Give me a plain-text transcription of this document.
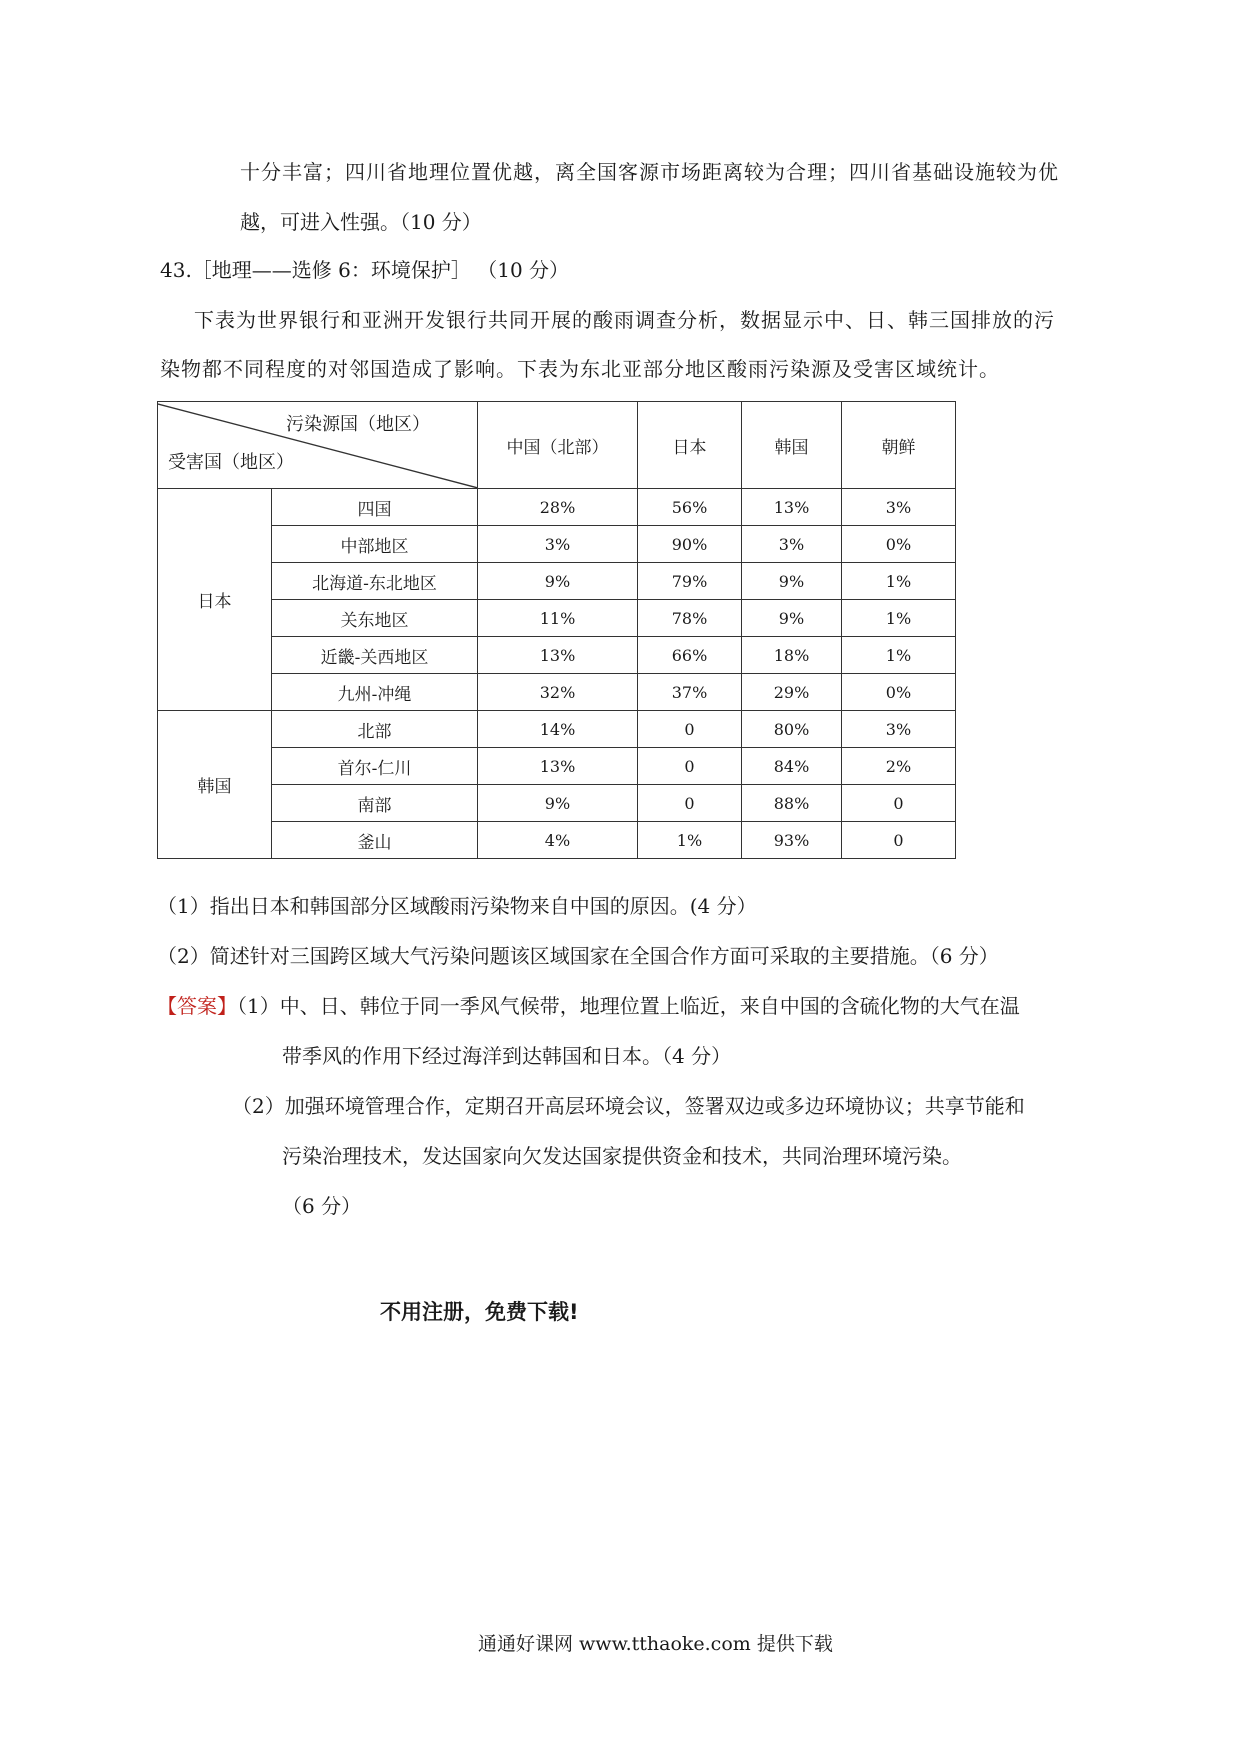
十分丰富；四川省地理位置优越，离全国客源市场距离较为合理；四川省基础设施较为优
越，可进入性强。（10 分）
43.［地理——选修 6：环境保护］ （10 分）
下表为世界银行和亚洲开发银行共同开展的酸雨调查分析，数据显示中、日、韩三国排放的污
染物都不同程度的对邻国造成了影响。下表为东北亚部分地区酸雨污染源及受害区域统计。
污染源国（地区）
受害国（地区）		中国（北部）	日本	韩国	朝鲜
日本	四国	28%	56%	13%	3%
	中部地区	3%	90%	3%	0%
	北海道-东北地区	9%	79%	9%	1%
	关东地区	11%	78%	9%	1%
	近畿-关西地区	13%	66%	18%	1%
	九州-冲绳	32%	37%	29%	0%
韩国	北部	14%	0	80%	3%
	首尔-仁川	13%	0	84%	2%
	南部	9%	0	88%	0
	釜山	4%	1%	93%	0
（1）指出日本和韩国部分区域酸雨污染物来自中国的原因。(4 分）
（2）简述针对三国跨区域大气污染问题该区域国家在全国合作方面可采取的主要措施。（6 分）
【答案】（1）中、日、韩位于同一季风气候带，地理位置上临近，来自中国的含硫化物的大气在温
带季风的作用下经过海洋到达韩国和日本。（4 分）
（2）加强环境管理合作，定期召开高层环境会议，签署双边或多边环境协议；共享节能和
污染治理技术，发达国家向欠发达国家提供资金和技术，共同治理环境污染。
（6 分）
不用注册，免费下载!
通通好课网 www.tthaoke.com 提供下载
